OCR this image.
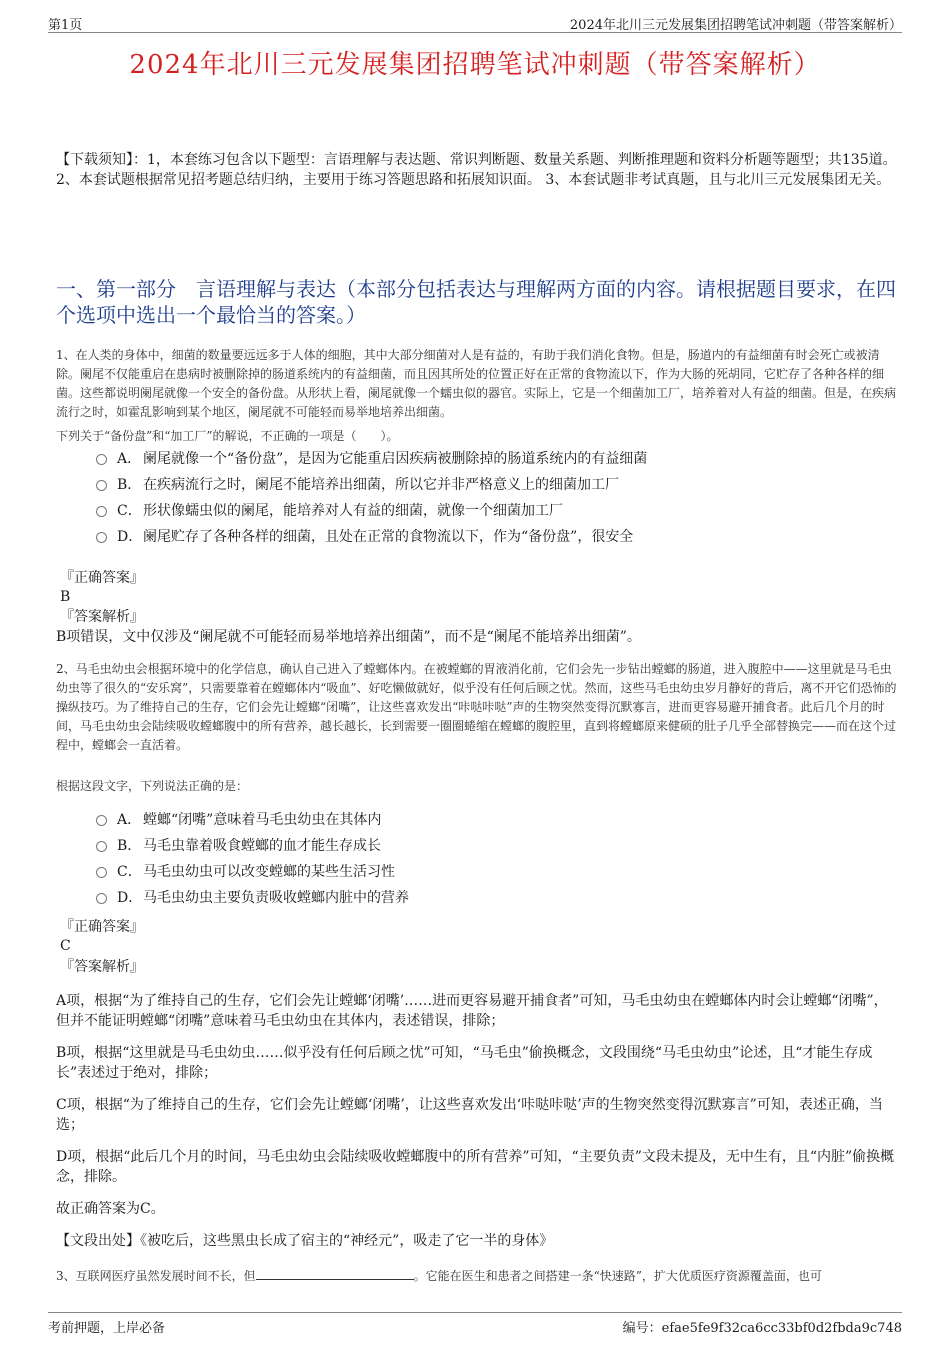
第1页	2024年北川三元发展集团招聘笔试冲刺题（带答案解析）
2024年北川三元发展集团招聘笔试冲刺题（带答案解析）
【下载须知】：1，本套练习包含以下题型：言语理解与表达题、常识判断题、数量关系题、判断推理题和资料分析题等题型；共135道。 2、本套试题根据常见招考题总结归纳，主要用于练习答题思路和拓展知识面。 3、本套试题非考试真题，且与北川三元发展集团无关。
一、第一部分　言语理解与表达（本部分包括表达与理解两方面的内容。请根据题目要求，在四个选项中选出一个最恰当的答案。）
1、在人类的身体中，细菌的数量要远远多于人体的细胞，其中大部分细菌对人是有益的，有助于我们消化食物。但是，肠道内的有益细菌有时会死亡或被清除。阑尾不仅能重启在患病时被删除掉的肠道系统内的有益细菌，而且因其所处的位置正好在正常的食物流以下，作为大肠的死胡同，它贮存了各种各样的细菌。这些都说明阑尾就像一个安全的备份盘。从形状上看，阑尾就像一个蠕虫似的器官。实际上，它是一个细菌加工厂，培养着对人有益的细菌。但是，在疾病流行之时，如霍乱影响到某个地区，阑尾就不可能轻而易举地培养出细菌。
下列关于“备份盘”和“加工厂”的解说，不正确的一项是（　　）。
A． 阑尾就像一个“备份盘”，是因为它能重启因疾病被删除掉的肠道系统内的有益细菌
B． 在疾病流行之时，阑尾不能培养出细菌，所以它并非严格意义上的细菌加工厂
C．形状像蠕虫似的阑尾，能培养对人有益的细菌，就像一个细菌加工厂
D．阑尾贮存了各种各样的细菌，且处在正常的食物流以下，作为“备份盘”，很安全
『正确答案』
B
『答案解析』
B项错误，文中仅涉及“阑尾就不可能轻而易举地培养出细菌”，而不是“阑尾不能培养出细菌”。
2、马毛虫幼虫会根据环境中的化学信息，确认自己进入了螳螂体内。在被螳螂的胃液消化前，它们会先一步钻出螳螂的肠道，进入腹腔中——这里就是马毛虫幼虫等了很久的“安乐窝”，只需要靠着在螳螂体内“吸血”、好吃懒做就好，似乎没有任何后顾之忧。然而，这些马毛虫幼虫岁月静好的背后，离不开它们恐怖的操纵技巧。为了维持自己的生存，它们会先让螳螂“闭嘴”，让这些喜欢发出“咔哒咔哒”声的生物突然变得沉默寡言，进而更容易避开捕食者。此后几个月的时间，马毛虫幼虫会陆续吸收螳螂腹中的所有营养，越长越长，长到需要一圈圈蜷缩在螳螂的腹腔里，直到将螳螂原来健硕的肚子几乎全部替换完——而在这个过程中，螳螂会一直活着。
根据这段文字，下列说法正确的是：
A． 螳螂“闭嘴”意味着马毛虫幼虫在其体内
B． 马毛虫靠着吸食螳螂的血才能生存成长
C．马毛虫幼虫可以改变螳螂的某些生活习性
D．马毛虫幼虫主要负责吸收螳螂内脏中的营养
『正确答案』
C
『答案解析』
A项，根据“为了维持自己的生存，它们会先让螳螂‘闭嘴’……进而更容易避开捕食者”可知，马毛虫幼虫在螳螂体内时会让螳螂“闭嘴”，但并不能证明螳螂“闭嘴”意味着马毛虫幼虫在其体内，表述错误，排除；
B项，根据“这里就是马毛虫幼虫……似乎没有任何后顾之忧”可知，“马毛虫”偷换概念，文段围绕“马毛虫幼虫”论述，且“才能生存成长”表述过于绝对，排除；
C项，根据“为了维持自己的生存，它们会先让螳螂‘闭嘴’，让这些喜欢发出‘咔哒咔哒’声的生物突然变得沉默寡言”可知，表述正确，当选；
D项，根据“此后几个月的时间，马毛虫幼虫会陆续吸收螳螂腹中的所有营养”可知，“主要负责”文段未提及，无中生有，且“内脏”偷换概念，排除。
故正确答案为C。
【文段出处】《被吃后，这些黑虫长成了宿主的“神经元”，吸走了它一半的身体》
3、互联网医疗虽然发展时间不长，但	。它能在医生和患者之间搭建一条“快速路”，扩大优质医疗资源覆盖面，也可
考前押题，上岸必备	编号：efae5fe9f32ca6cc33bf0d2fbda9c748
